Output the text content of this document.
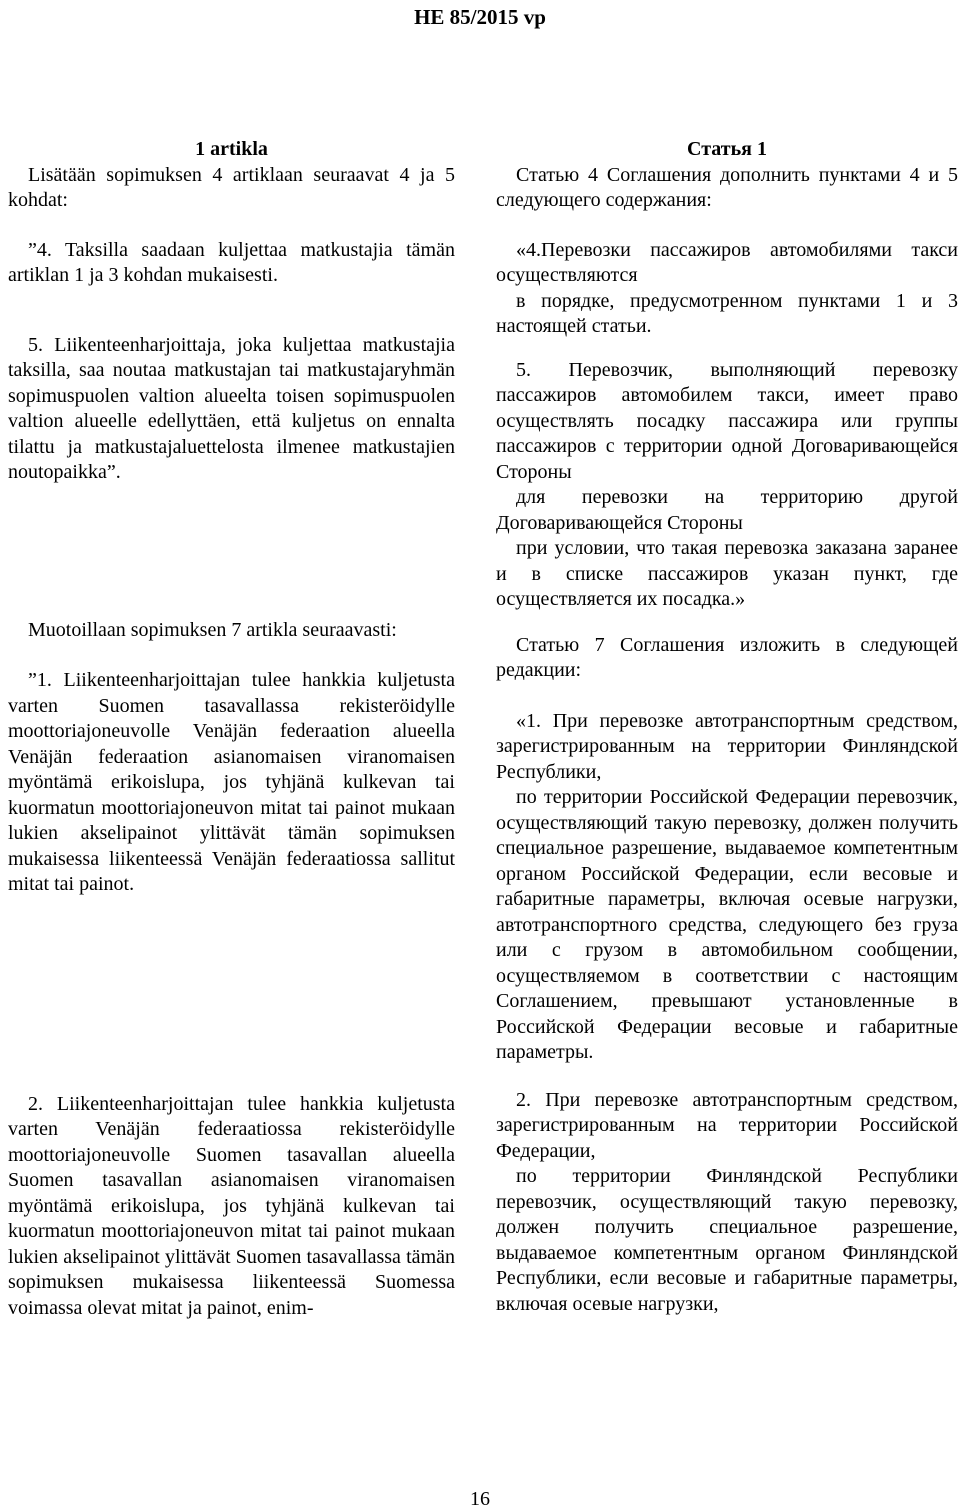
HE 85/2015 vp

1 artikla

Lisätään sopimuksen 4 artiklaan seuraavat 4 ja 5 kohdat:

”4. Taksilla saadaan kuljettaa matkustajia tämän artiklan 1 ja 3 kohdan mukaisesti.

5. Liikenteenharjoittaja, joka kuljettaa matkustajia taksilla, saa noutaa matkustajan tai matkustajaryhmän sopimuspuolen valtion alueelta toisen sopimuspuolen valtion alueelle edellyttäen, että kuljetus on ennalta tilattu ja matkustajaluettelosta ilmenee matkustajien noutopaikka”.

Muotoillaan sopimuksen 7 artikla seuraavasti:

”1. Liikenteenharjoittajan tulee hankkia kuljetusta varten Suomen tasavallassa rekisteröidylle moottoriajoneuvolle Venäjän federaation alueella Venäjän federaation asianomaisen viranomaisen myöntämä erikoislupa, jos tyhjänä kulkevan tai kuormatun moottoriajoneuvon mitat tai painot mukaan lukien akselipainot ylittävät tämän sopimuksen mukaisessa liikenteessä Venäjän federaatiossa sallitut mitat tai painot.

2. Liikenteenharjoittajan tulee hankkia kuljetusta varten Venäjän federaatiossa rekisteröidylle moottoriajoneuvolle Suomen tasavallan alueella Suomen tasavallan asianomaisen viranomaisen myöntämä erikoislupa, jos tyhjänä kulkevan tai kuormatun moottoriajoneuvon mitat tai painot mukaan lukien akselipainot ylittävät Suomen tasavallassa tämän sopimuksen mukaisessa liikenteessä Suomessa voimassa olevat mitat ja painot, enim-

Статья 1

Статью 4 Соглашения дополнить пунктами 4 и 5 следующего содержания:

«4.Перевозки пассажиров автомобилями такси осуществляются

в порядке, предусмотренном пунктами 1 и 3 настоящей статьи.

5. Перевозчик, выполняющий перевозку пассажиров автомобилем такси, имеет право осуществлять посадку пассажира или группы пассажиров с территории одной Договаривающейся Стороны

для перевозки на территорию другой Договаривающейся Стороны

при условии, что такая перевозка заказана заранее и в списке пассажиров указан пункт, где осуществляется их посадка.»

Статью 7 Соглашения изложить в следующей редакции:

«1. При перевозке автотранспортным средством, зарегистрированным на территории Финляндской Республики,

по территории Российской Федерации перевозчик, осуществляющий такую перевозку, должен получить специальное разрешение, выдаваемое компетентным органом Российской Федерации, если весовые и габаритные параметры, включая осевые нагрузки, автотранспортного средства, следующего без груза или с грузом в автомобильном сообщении, осуществляемом в соответствии с настоящим Соглашением, превышают установленные в Российской Федерации весовые и габаритные параметры.

2. При перевозке автотранспортным средством, зарегистрированным на территории Российской Федерации,

по территории Финляндской Республики перевозчик, осуществляющий такую перевозку, должен получить специальное разрешение, выдаваемое компетентным органом Финляндской Республики, если весовые и габаритные параметры, включая осевые нагрузки,

16
